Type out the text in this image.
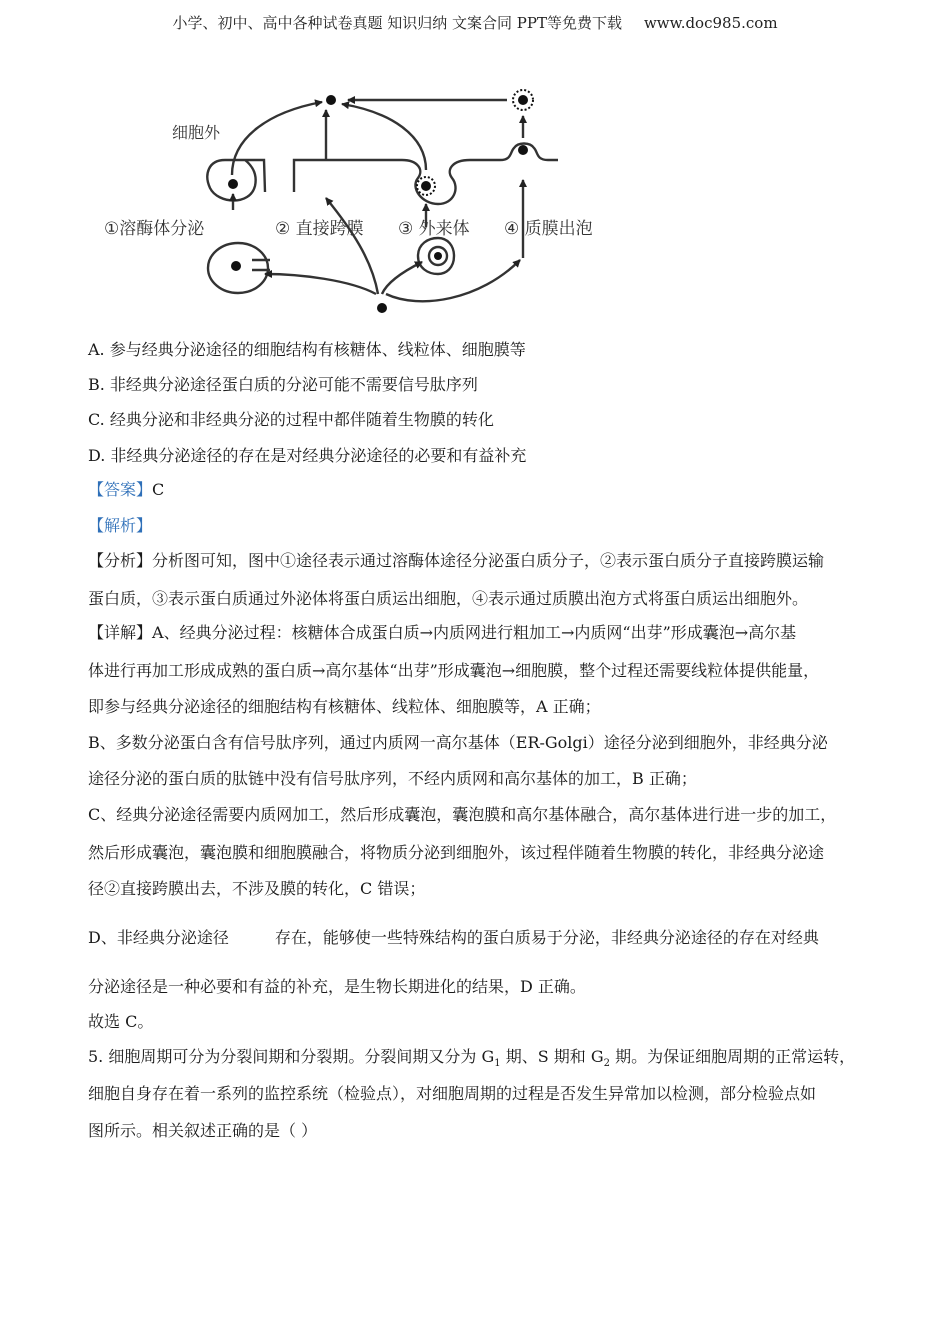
小学、初中、高中各种试卷真题 知识归纳 文案合同 PPT等免费下载 www.doc985.com
细胞外
①溶酶体分泌	② 直接跨膜 ③ 外来体 ④ 质膜出泡
A. 参与经典分泌途径的细胞结构有核糖体、线粒体、细胞膜等
B. 非经典分泌途径蛋白质的分泌可能不需要信号肽序列
C. 经典分泌和非经典分泌的过程中都伴随着生物膜的转化
D. 非经典分泌途径的存在是对经典分泌途径的必要和有益补充
【答案】C
【解析】
【分析】分析图可知，图中①途径表示通过溶酶体途径分泌蛋白质分子，②表示蛋白质分子直接跨膜运输
蛋白质，③表示蛋白质通过外泌体将蛋白质运出细胞，④表示通过质膜出泡方式将蛋白质运出细胞外。
【详解】A、经典分泌过程：核糖体合成蛋白质→内质网进行粗加工→内质网“出芽”形成囊泡→高尔基
体进行再加工形成成熟的蛋白质→高尔基体“出芽”形成囊泡→细胞膜，整个过程还需要线粒体提供能量，
即参与经典分泌途径的细胞结构有核糖体、线粒体、细胞膜等，A 正确；
B、多数分泌蛋白含有信号肽序列，通过内质网一高尔基体（ER-Golgi）途径分泌到细胞外，非经典分泌
途径分泌的蛋白质的肽链中没有信号肽序列，不经内质网和高尔基体的加工，B 正确；
C、经典分泌途径需要内质网加工，然后形成囊泡，囊泡膜和高尔基体融合，高尔基体进行进一步的加工，
然后形成囊泡，囊泡膜和细胞膜融合，将物质分泌到细胞外，该过程伴随着生物膜的转化，非经典分泌途
径②直接跨膜出去，不涉及膜的转化，C 错误；
D、非经典分泌途径	存在，能够使一些特殊结构的蛋白质易于分泌，非经典分泌途径的存在对经典
分泌途径是一种必要和有益的补充，是生物长期进化的结果，D 正确。
故选 C。
5. 细胞周期可分为分裂间期和分裂期。分裂间期又分为 $G_1$ 期、S 期和 $G_2$ 期。为保证细胞周期的正常运转，
细胞自身存在着一系列的监控系统（检验点），对细胞周期的过程是否发生异常加以检测，部分检验点如
图所示。相关叙述正确的是（ ）
